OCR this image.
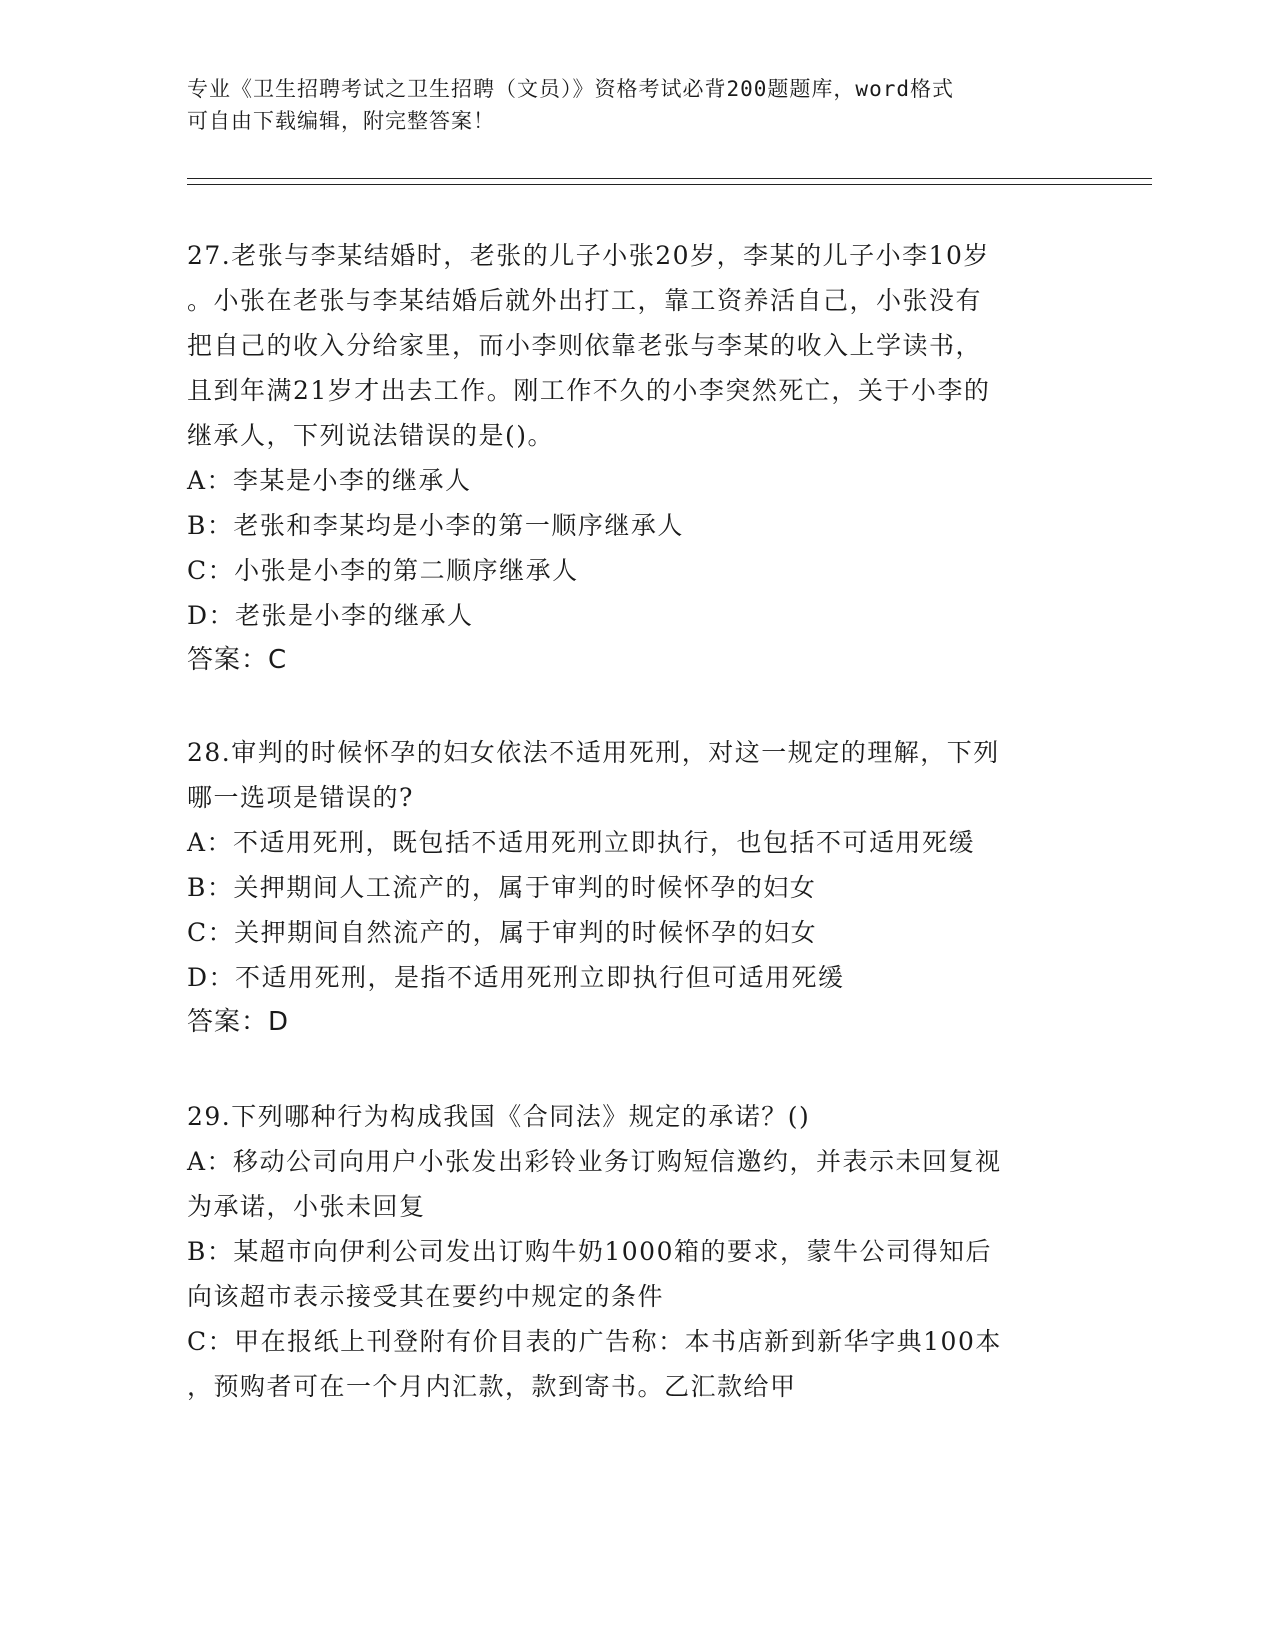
专业《卫生招聘考试之卫生招聘（文员）》资格考试必背200题题库，word格式
可自由下载编辑，附完整答案！

27.老张与李某结婚时，老张的儿子小张20岁，李某的儿子小李10岁

。小张在老张与李某结婚后就外出打工，靠工资养活自己，小张没有

把自己的收入分给家里，而小李则依靠老张与李某的收入上学读书，

且到年满21岁才出去工作。刚工作不久的小李突然死亡，关于小李的

继承人，下列说法错误的是()。

A：李某是小李的继承人

B：老张和李某均是小李的第一顺序继承人

C：小张是小李的第二顺序继承人

D：老张是小李的继承人

答案：C

28.审判的时候怀孕的妇女依法不适用死刑，对这一规定的理解，下列

哪一选项是错误的?

A：不适用死刑，既包括不适用死刑立即执行，也包括不可适用死缓

B：关押期间人工流产的，属于审判的时候怀孕的妇女

C：关押期间自然流产的，属于审判的时候怀孕的妇女

D：不适用死刑，是指不适用死刑立即执行但可适用死缓

答案：D

29.下列哪种行为构成我国《合同法》规定的承诺？()

A：移动公司向用户小张发出彩铃业务订购短信邀约，并表示未回复视

为承诺，小张未回复

B：某超市向伊利公司发出订购牛奶1000箱的要求，蒙牛公司得知后

向该超市表示接受其在要约中规定的条件

C：甲在报纸上刊登附有价目表的广告称：本书店新到新华字典100本

，预购者可在一个月内汇款，款到寄书。乙汇款给甲
